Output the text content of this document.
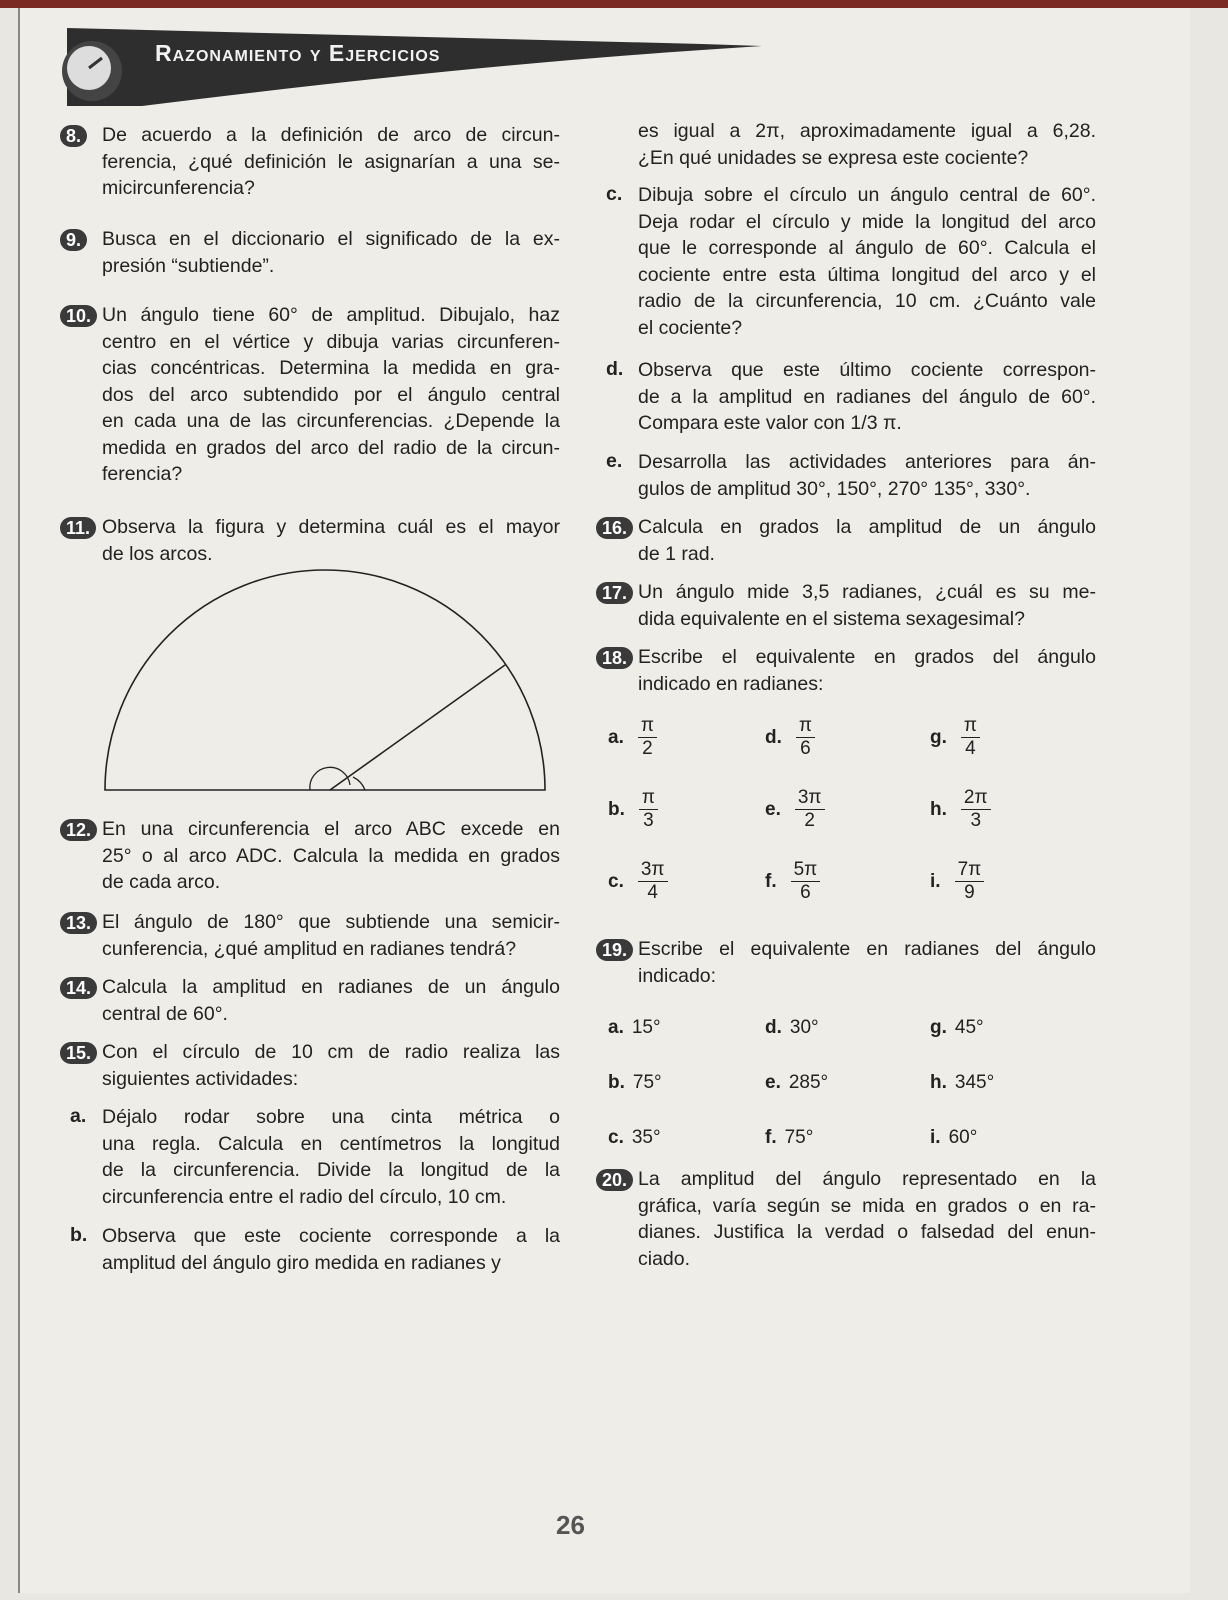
Razonamiento y Ejercicios
8.	De acuerdo a la definición de arco de circun-
ferencia, ¿qué definición le asignarían a una se-
micircunferencia?
9.	Busca en el diccionario el significado de la ex-
presión “subtiende”.
10. Un ángulo tiene 60° de amplitud. Dibujalo, haz
centro en el vértice y dibuja varias circunferen-
cias concéntricas. Determina la medida en gra-
dos del arco subtendido por el ángulo central
en cada una de las circunferencias. ¿Depende la
medida en grados del arco del radio de la circun-
ferencia?
11. Observa la figura y determina cuál es el mayor
de los arcos.
12. En una circunferencia el arco ABC excede en
25° o al arco ADC. Calcula la medida en grados
de cada arco.
13. El ángulo de 180° que subtiende una semicir-
cunferencia, ¿qué amplitud en radianes tendrá?
14. Calcula la amplitud en radianes de un ángulo
central de 60°.
15. Con el círculo de 10 cm de radio realiza las
siguientes actividades:
a. Déjalo rodar sobre una cinta métrica o
una regla. Calcula en centímetros la longitud
de la circunferencia. Divide la longitud de la
circunferencia entre el radio del círculo, 10 cm.
b. Observa que este cociente corresponde a la
amplitud del ángulo giro medida en radianes y
es igual a 2π, aproximadamente igual a 6,28.
¿En qué unidades se expresa este cociente?
c. Dibuja sobre el círculo un ángulo central de 60°.
Deja rodar el círculo y mide la longitud del arco
que le corresponde al ángulo de 60°. Calcula el
cociente entre esta última longitud del arco y el
radio de la circunferencia, 10 cm. ¿Cuánto vale
el cociente?
d. Observa que este último cociente correspon-
de a la amplitud en radianes del ángulo de 60°.
Compara este valor con 1/3 π.
e. Desarrolla las actividades anteriores para án-
gulos de amplitud 30°, 150°, 270° 135°, 330°.
16. Calcula en grados la amplitud de un ángulo
de 1 rad.
17. Un ángulo mide 3,5 radianes, ¿cuál es su me-
dida equivalente en el sistema sexagesimal?
18. Escribe el equivalente en grados del ángulo
indicado en radianes:
19. Escribe el equivalente en radianes del ángulo
indicado:
20. La amplitud del ángulo representado en la
gráfica, varía según se mida en grados o en ra-
dianes. Justifica la verdad o falsedad del enun-
ciado.
a. $\frac{\pi}{2}$	d. $\frac{\pi}{6}$	g. $\frac{\pi}{4}$
b. $\frac{\pi}{3}$	e. $\frac{3\pi}{2}$	h. $\frac{2\pi}{3}$
c. $\frac{3\pi}{4}$	f. $\frac{5\pi}{6}$	i. $\frac{7\pi}{9}$
a. 15°	d. 30°	g. 45°
b. 75°	e. 285°	h. 345°
c. 35°	f. 75°	i. 60°
26
